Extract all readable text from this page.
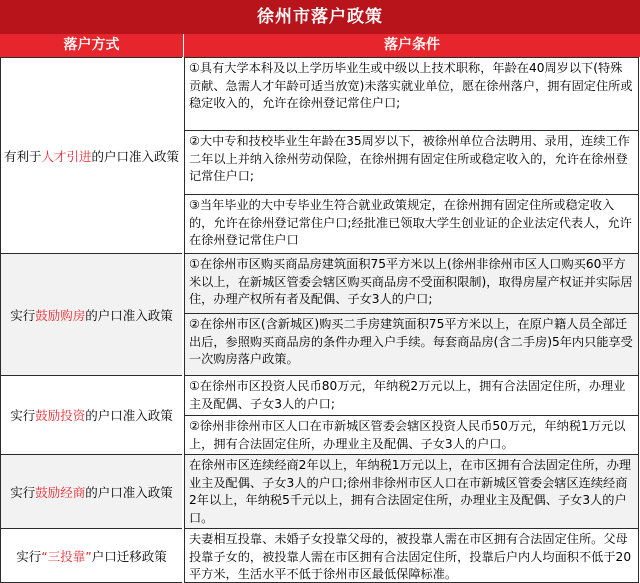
徐州市落户政策
落户方式	落户条件
有利于 人才引进 的户口准入政策
①具有大学本科及以上学历毕业生或中级以上技术职称，年龄在40周岁以下(特殊贡献、急需人才年龄可适当放宽)未落实就业单位，愿在徐州落户，拥有固定住所或稳定收入的，允许在徐州登记常住户口;
②大中专和技校毕业生年龄在35周岁以下，被徐州单位合法聘用、录用，连续工作二年以上并纳入徐州劳动保险，在徐州拥有固定住所或稳定收入的，允许在徐州登记常住户口;
③当年毕业的大中专毕业生符合就业政策规定，在徐州拥有固定住所或稳定收入的，允许在徐州登记常住户口;经批准已领取大学生创业证的企业法定代表人，允许在徐州登记常住户口
实行 鼓励购房 的户口准入政策
①在徐州市区购买商品房建筑面积75平方米以上(徐州非徐州市区人口购买60平方米以上，在新城区管委会辖区购买商品房不受面积限制)，取得房屋产权证并实际居住，办理产权所有者及配偶、子女3人的户口;
②在徐州市区(含新城区)购买二手房建筑面积75平方米以上，在原户籍人员全部迁出后，参照购买商品房的条件办理入户手续。每套商品房(含二手房)5年内只能享受一次购房落户政策。
实行 鼓励投资 的户口准入政策
①在徐州市区投资人民币80万元，年纳税2万元以上，拥有合法固定住所，办理业主及配偶、子女3人的户口;
②徐州非徐州市区人口在市新城区管委会辖区投资人民币50万元，年纳税1万元以上，拥有合法固定住所，办理业主及配偶、子女3人的户口。
实行 鼓励经商 的户口准入政策
在徐州市区连续经商2年以上，年纳税1万元以上，在市区拥有合法固定住所，办理业主及配偶、子女3人的户口;徐州非徐州市区人口在市新城区管委会辖区连续经商2年以上，年纳税5千元以上，拥有合法固定住所，办理业主及配偶、子女3人的户口。
实行 “三投靠” 户口迁移政策
夫妻相互投靠、未婚子女投靠父母的，被投靠人需在市区拥有合法固定住所。父母投靠子女的，被投靠人需在市区拥有合法固定住所，投靠后户内人均面积不低于20平方米，生活水平不低于徐州市区最低保障标准。
